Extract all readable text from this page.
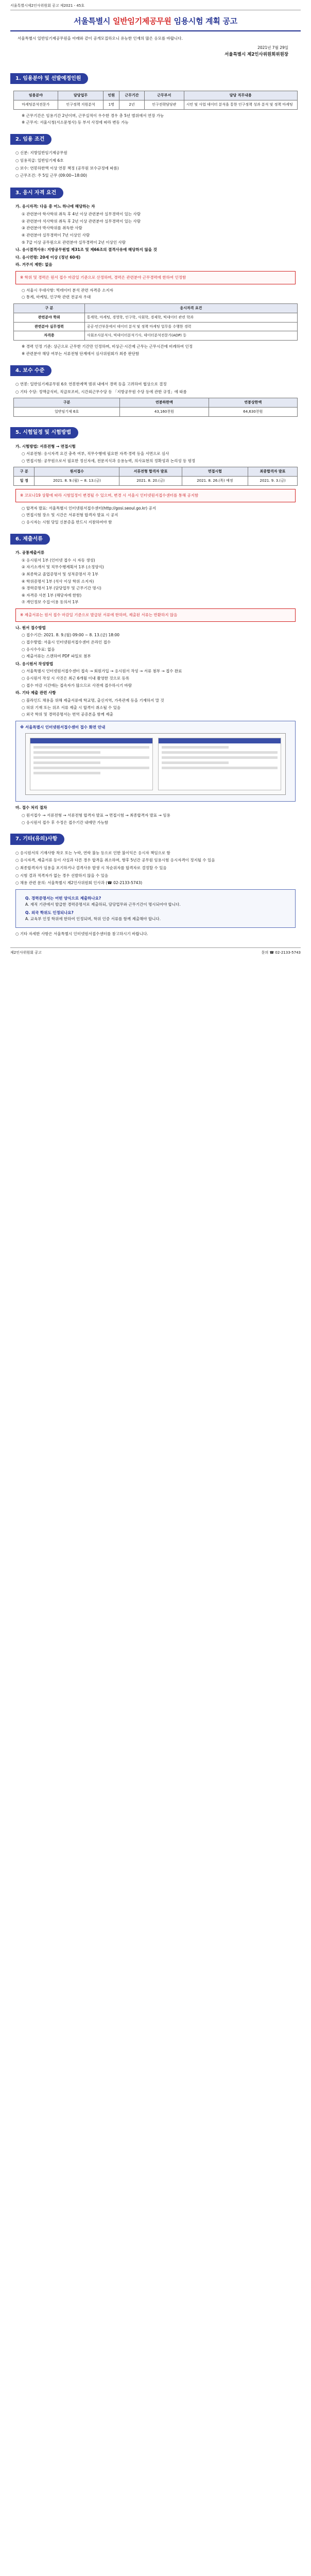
서울특별시제2인사위원회 공고 제2021 - 45호
서울특별시 일반임기제공무원 임용시험 계획 공고

서울특별시 일반임기제공무원을 아래와 같이 공개모집하오니 유능한 인재의 많은 응모를 바랍니다.

2021년 7월 29일
서울특별시 제2인사위원회위원장
1. 임용분야 및 선발예정인원
임용분야	담당업무	인원	근무기간	근무부서	담당 직무내용
마케팅분석전문가	인구정책 지원분석	1명	2년	인구전략담당관	시민 및 사업 데이터 분석을 통한 인구정책 성과 분석 및 정책 마케팅
※ 근무기간은 임용기간 2년이며, 근무실적이 우수한 경우 총 5년 범위에서 연장 가능
※ 근무지: 서울시청(서소문청사) 등 부서 사정에 따라 변동 가능
2. 임용 조건
○ 신분: 지방일반임기제공무원
○ 임용직급: 일반임기제 6호
○ 보수: 연봉하한액 이상 연봉 책정 (공무원 보수규정에 따름)
○ 근무조건: 주 5일 근무 (09:00~18:00)
3. 응시 자격 요건
가. 응시자격: 다음 중 어느 하나에 해당하는 자
① 관련분야 학사학위 취득 후 4년 이상 관련분야 실무경력이 있는 사람
② 관련분야 석사학위 취득 후 2년 이상 관련분야 실무경력이 있는 사람
③ 관련분야 박사학위를 취득한 사람
④ 관련분야 실무경력이 7년 이상인 사람
⑤ 7급 이상 공무원으로 관련분야 실무경력이 2년 이상인 사람
나. 응시결격사유: 지방공무원법 제31조 및 제66조의 결격사유에 해당하지 않을 것
다. 응시연령: 20세 이상 (정년 60세)
라. 거주지 제한: 없음
※ 학위 및 경력은 원서 접수 마감일 기준으로 산정하며, 경력은 관련분야 근무경력에 한하여 인정함
○ 서울시 우대사항: 빅데이터 분석 관련 자격증 소지자
○ 통계, 마케팅, 인구학 관련 전공자 우대
구 분	응시자격 요건
관련분야 학위	통계학, 마케팅, 경영학, 인구학, 사회학, 경제학, 빅데이터 관련 학과
관련분야 실무경력	공공·민간부문에서 데이터 분석 및 정책 마케팅 업무를 수행한 경력
자격증	사회조사분석사, 빅데이터분석기사, 데이터분석전문가(ADP) 등
※ 경력 인정 기준: 상근으로 근무한 기간만 인정하며, 비상근·시간제 근무는 근무시간에 비례하여 인정
※ 관련분야 해당 여부는 서류전형 단계에서 심사위원회가 최종 판단함
4. 보수 수준
○ 연봉: 일반임기제공무원 6호 연봉한계액 범위 내에서 경력 등을 고려하여 협상으로 결정
○ 기타 수당: 정액급식비, 직급보조비, 시간외근무수당 등 「지방공무원 수당 등에 관한 규정」에 따름
구분	연봉하한액	연봉상한액
일반임기제 6호	43,160천원	64,630천원
5. 시험일정 및 시험방법
가. 시험방법: 서류전형 → 면접시험
○ 서류전형: 응시자격 요건 충족 여부, 직무수행에 필요한 자격·경력 등을 서면으로 심사
○ 면접시험: 공무원으로서 필요한 정신자세, 전문지식과 응용능력, 의사표현의 정확성과 논리성 등 평정
구 분	원서접수	서류전형 합격자 발표	면접시험	최종합격자 발표
일 정	2021. 8. 9.(월) ~ 8. 13.(금)	2021. 8. 20.(금)	2021. 8. 26.(목) 예정	2021. 9. 3.(금)
※ 코로나19 상황에 따라 시험일정이 변경될 수 있으며, 변경 시 서울시 인터넷원서접수센터를 통해 공지함
○ 합격자 발표: 서울특별시 인터넷원서접수센터(http://gosi.seoul.go.kr) 공지
○ 면접시험 장소 및 시간은 서류전형 합격자 발표 시 공지
○ 응시자는 시험 당일 신분증을 반드시 지참하여야 함
6. 제출서류
가. 공통제출서류
① 응시원서 1부 (인터넷 접수 시 자동 생성)
② 자기소개서 및 직무수행계획서 1부 (소정양식)
③ 최종학교 졸업증명서 및 성적증명서 각 1부
④ 학위증명서 1부 (석사 이상 학위 소지자)
⑤ 경력증명서 1부 (담당업무 및 근무기간 명시)
⑥ 자격증 사본 1부 (해당자에 한함)
⑦ 개인정보 수집·이용 동의서 1부
※ 제출서류는 원서 접수 마감일 기준으로 발급된 서류에 한하며, 제출된 서류는 반환하지 않음
나. 원서 접수방법
○ 접수기간: 2021. 8. 9.(월) 09:00 ~ 8. 13.(금) 18:00
○ 접수방법: 서울시 인터넷원서접수센터 온라인 접수
○ 응시수수료: 없음
○ 제출서류는 스캔하여 PDF 파일로 첨부
다. 응시원서 작성방법
○ 서울특별시 인터넷원서접수센터 접속 → 회원가입 → 응시원서 작성 → 서류 첨부 → 접수 완료
○ 응시원서 작성 시 사진은 최근 6개월 이내 촬영한 것으로 등록
○ 접수 마감 시간에는 접속자가 많으므로 사전에 접수하시기 바람
라. 기타 제출 관련 사항
○ 블라인드 채용을 위해 제출서류에 학교명, 출신지역, 가족관계 등을 기재하지 말 것
○ 허위 기재 또는 위조 서류 제출 시 합격이 취소될 수 있음
○ 외국 학위 및 경력증명서는 번역 공증본을 함께 제출
※ 서울특별시 인터넷원서접수센터 접수 화면 안내
마. 접수 처리 절차
○ 원서접수 → 서류전형 → 서류전형 합격자 발표 → 면접시험 → 최종합격자 발표 → 임용
○ 응시원서 접수 후 수정은 접수기간 내에만 가능함
7. 기타(유의)사항
○ 응시원서의 기재사항 착오 또는 누락, 연락 불능 등으로 인한 불이익은 응시자 책임으로 함
○ 응시자격, 제출서류 등이 사실과 다른 경우 합격을 취소하며, 향후 5년간 공무원 임용시험 응시자격이 정지될 수 있음
○ 최종합격자가 임용을 포기하거나 결격사유 발생 시 차순위자를 합격자로 결정할 수 있음
○ 시험 결과 적격자가 없는 경우 선발하지 않을 수 있음
○ 채용 관련 문의: 서울특별시 제2인사위원회 인사과 (☎ 02-2133-5743)
Q. 경력증명서는 어떤 양식으로 제출하나요?
A. 재직 기관에서 발급한 경력증명서로 제출하되, 담당업무와 근무기간이 명시되어야 합니다.
Q. 외국 학위도 인정되나요?
A. 교육부 인정 학위에 한하여 인정되며, 학위 인증 서류를 함께 제출해야 합니다.
○ 기타 자세한 사항은 서울특별시 인터넷원서접수센터를 참고하시기 바랍니다.
제2인사위원회 공고	문의 ☎ 02-2133-5743
